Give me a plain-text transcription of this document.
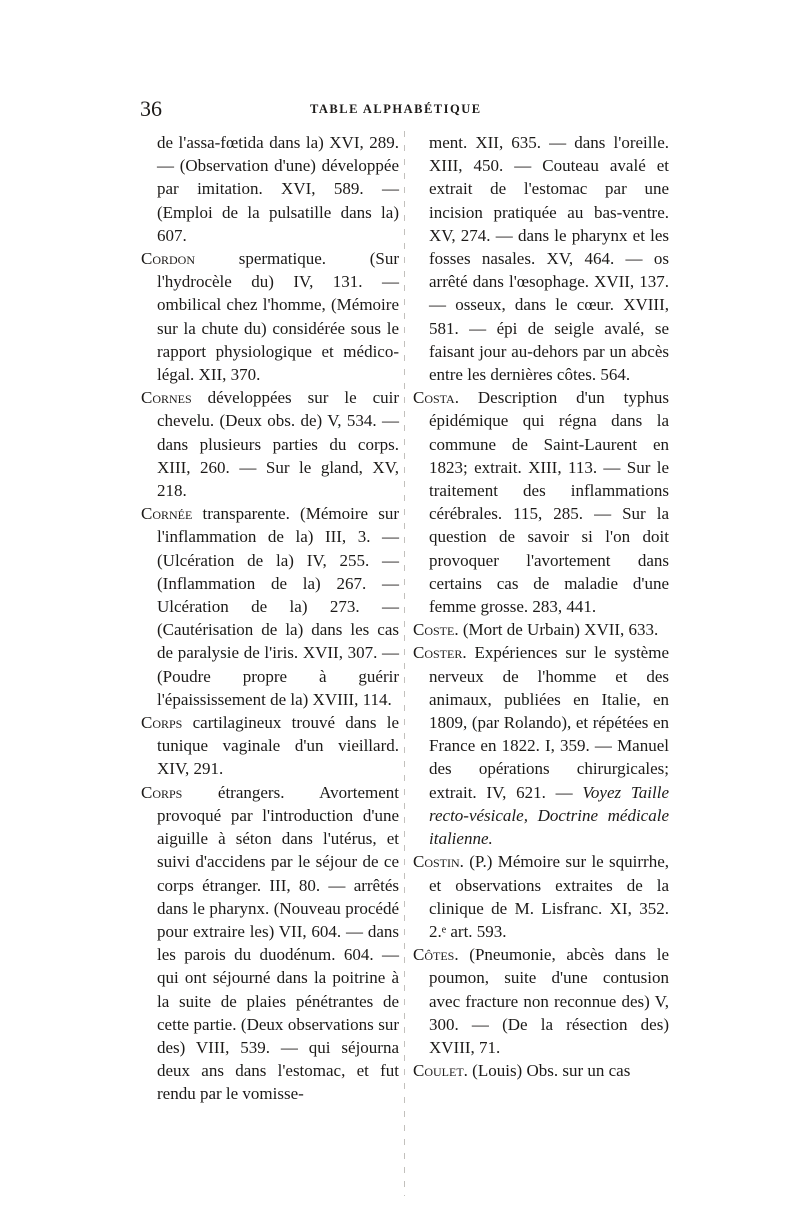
36	TABLE ALPHABÉTIQUE

de l'assa-fœtida dans la) XVI, 289. — (Observation d'une) développée par imitation. XVI, 589. — (Emploi de la pulsatille dans la) 607.

Cordon spermatique. (Sur l'hydrocèle du) IV, 131. — ombilical chez l'homme, (Mémoire sur la chute du) considérée sous le rapport physiologique et médico-légal. XII, 370.

Cornes développées sur le cuir chevelu. (Deux obs. de) V, 534. — dans plusieurs parties du corps. XIII, 260. — Sur le gland, XV, 218.

Cornée transparente. (Mémoire sur l'inflammation de la) III, 3. — (Ulcération de la) IV, 255. — (Inflammation de la) 267. — Ulcération de la) 273. — (Cautérisation de la) dans les cas de paralysie de l'iris. XVII, 307. — (Poudre propre à guérir l'épaississement de la) XVIII, 114.

Corps cartilagineux trouvé dans le tunique vaginale d'un vieillard. XIV, 291.

Corps étrangers. Avortement provoqué par l'introduction d'une aiguille à séton dans l'utérus, et suivi d'accidens par le séjour de ce corps étranger. III, 80. — arrêtés dans le pharynx. (Nouveau procédé pour extraire les) VII, 604. — dans les parois du duodénum. 604. — qui ont séjourné dans la poitrine à la suite de plaies pénétrantes de cette partie. (Deux observations sur des) VIII, 539. — qui séjourna deux ans dans l'estomac, et fut rendu par le vomisse-

ment. XII, 635. — dans l'oreille. XIII, 450. — Couteau avalé et extrait de l'estomac par une incision pratiquée au bas-ventre. XV, 274. — dans le pharynx et les fosses nasales. XV, 464. — os arrêté dans l'œsophage. XVII, 137. — osseux, dans le cœur. XVIII, 581. — épi de seigle avalé, se faisant jour au-dehors par un abcès entre les dernières côtes. 564.

Costa. Description d'un typhus épidémique qui régna dans la commune de Saint-Laurent en 1823; extrait. XIII, 113. — Sur le traitement des inflammations cérébrales. 115, 285. — Sur la question de savoir si l'on doit provoquer l'avortement dans certains cas de maladie d'une femme grosse. 283, 441.

Coste. (Mort de Urbain) XVII, 633.

Coster. Expériences sur le système nerveux de l'homme et des animaux, publiées en Italie, en 1809, (par Rolando), et répétées en France en 1822. I, 359. — Manuel des opérations chirurgicales; extrait. IV, 621. — Voyez Taille recto-vésicale, Doctrine médicale italienne.

Costin. (P.) Mémoire sur le squirrhe, et observations extraites de la clinique de M. Lisfranc. XI, 352. 2.ᵉ art. 593.

Côtes. (Pneumonie, abcès dans le poumon, suite d'une contusion avec fracture non reconnue des) V, 300. — (De la résection des) XVIII, 71.

Coulet. (Louis) Obs. sur un cas
